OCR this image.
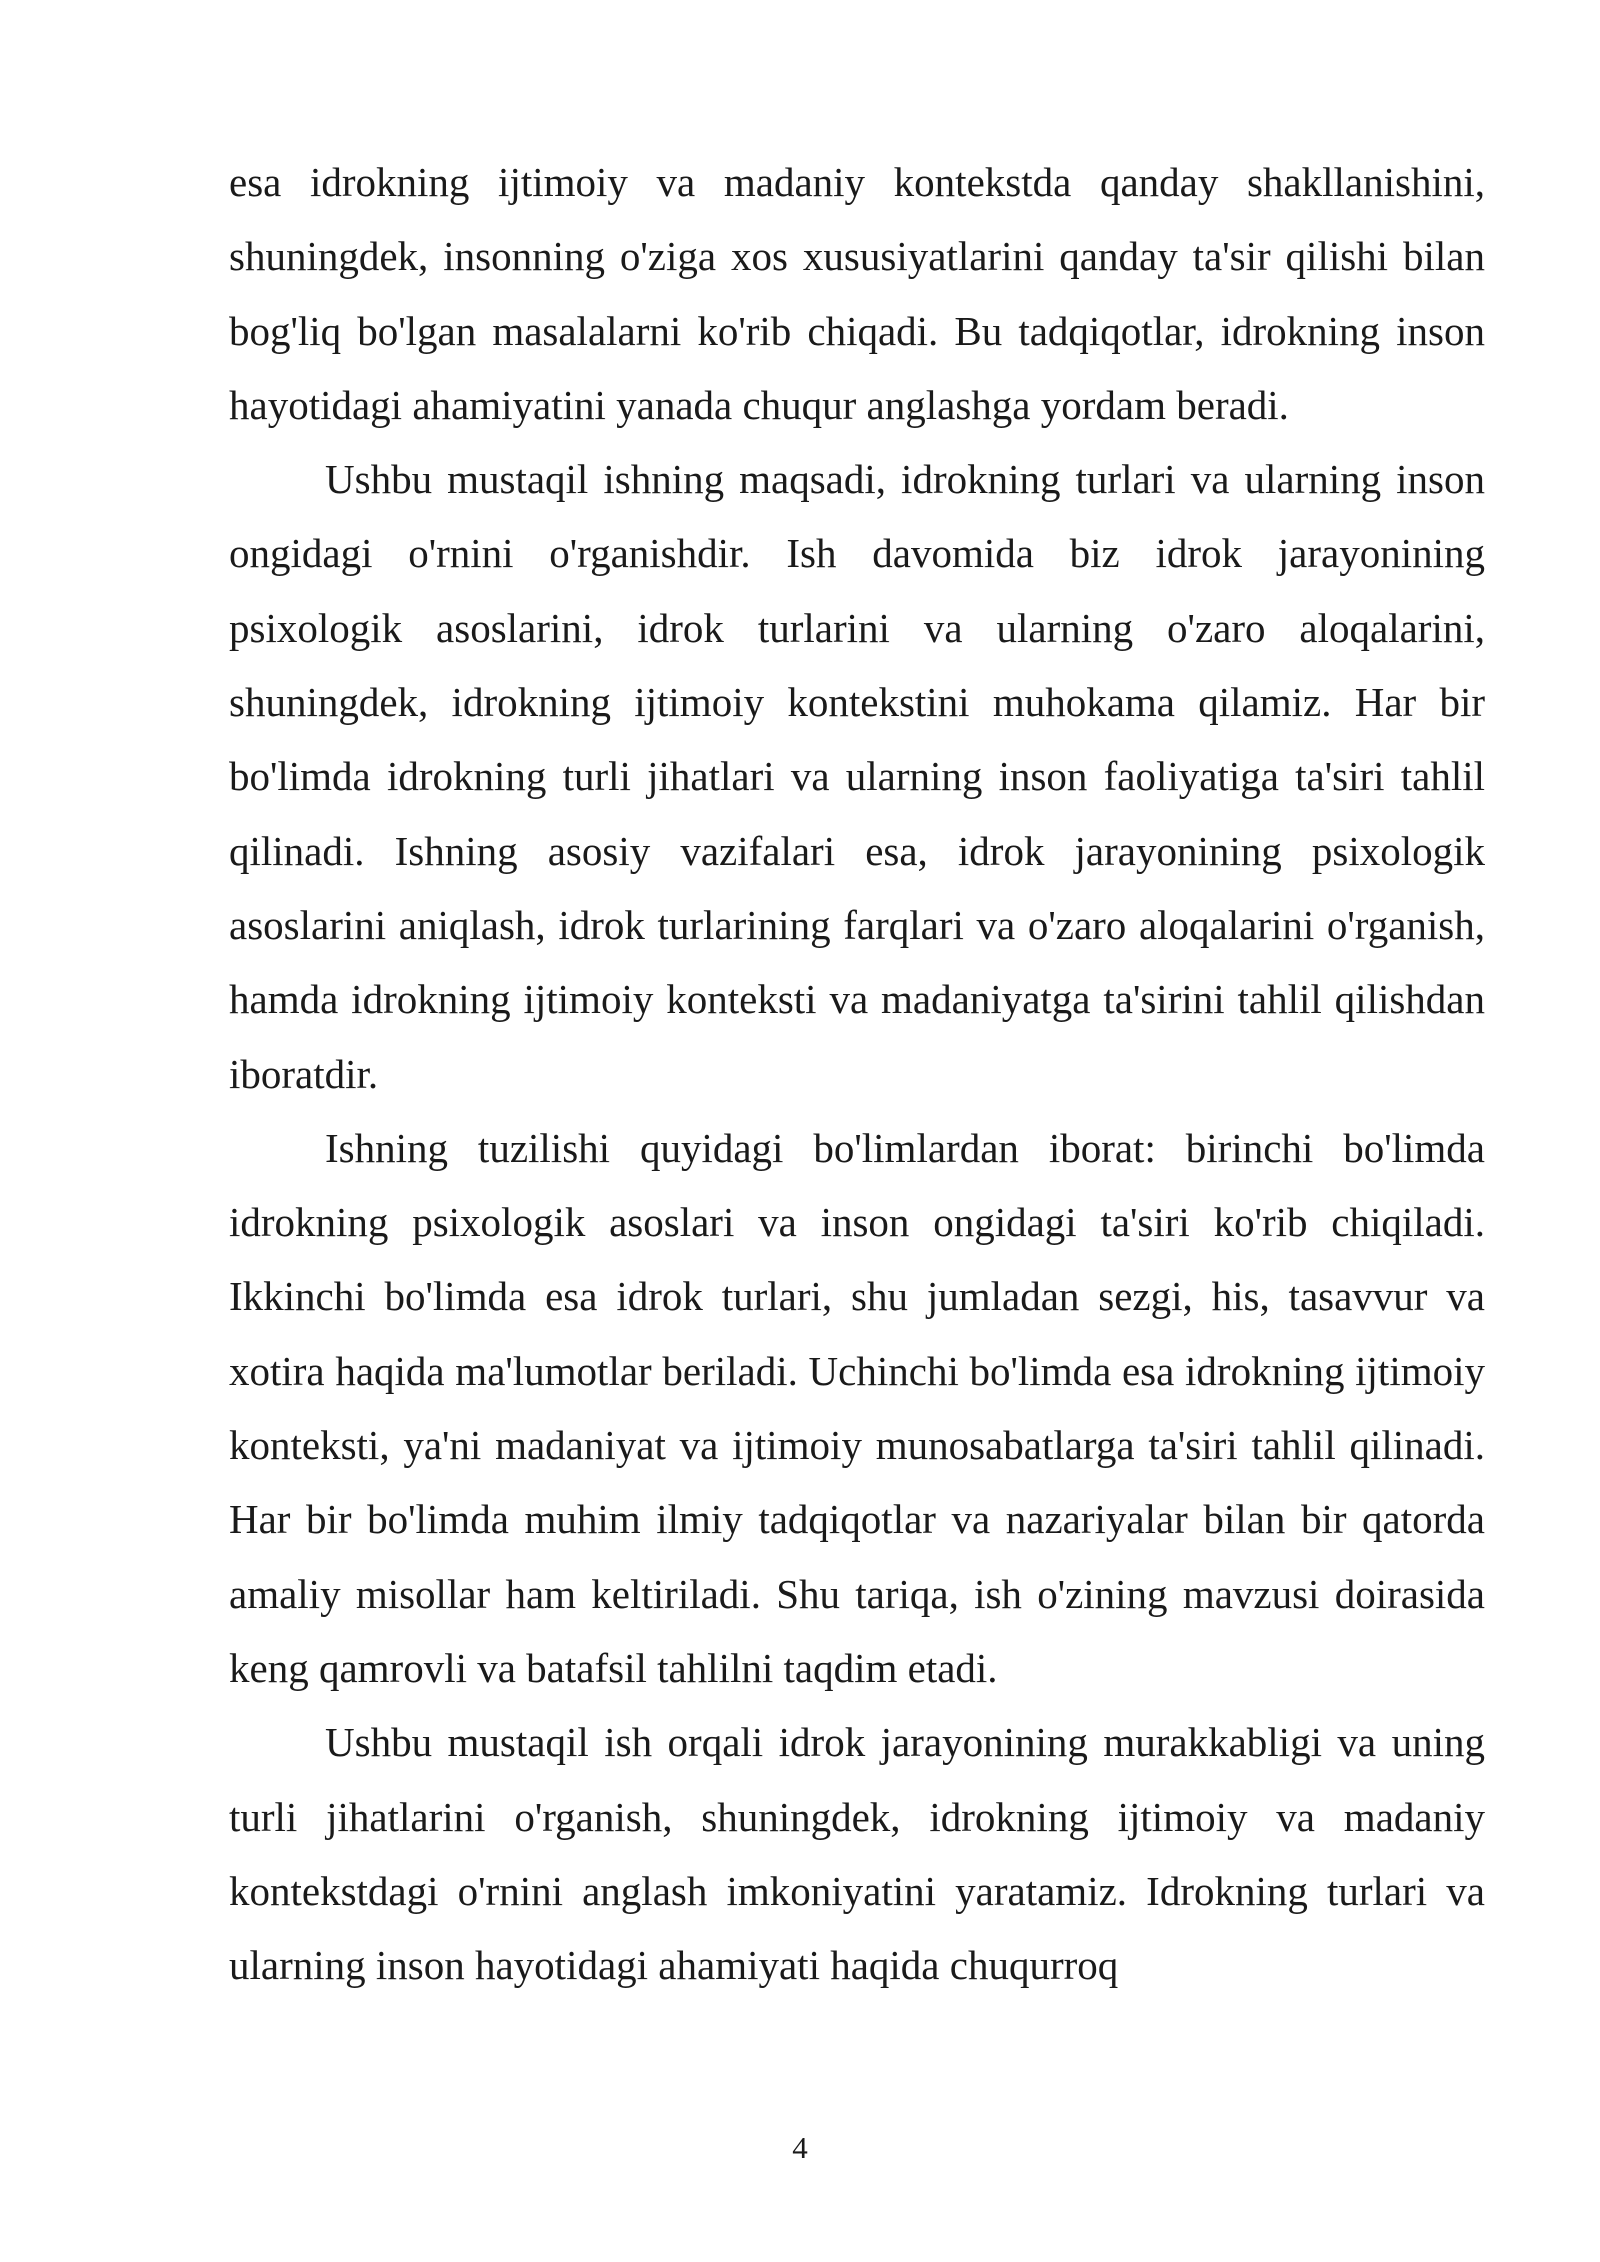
esa idrokning ijtimoiy va madaniy kontekstda qanday shakllanishini, shuningdek, insonning o'ziga xos xususiyatlarini qanday ta'sir qilishi bilan bog'liq bo'lgan masalalarni ko'rib chiqadi. Bu tadqiqotlar, idrokning inson hayotidagi ahamiyatini yanada chuqur anglashga yordam beradi.

Ushbu mustaqil ishning maqsadi, idrokning turlari va ularning inson ongidagi o'rnini o'rganishdir. Ish davomida biz idrok jarayonining psixologik asoslarini, idrok turlarini va ularning o'zaro aloqalarini, shuningdek, idrokning ijtimoiy kontekstini muhokama qilamiz. Har bir bo'limda idrokning turli jihatlari va ularning inson faoliyatiga ta'siri tahlil qilinadi. Ishning asosiy vazifalari esa, idrok jarayonining psixologik asoslarini aniqlash, idrok turlarining farqlari va o'zaro aloqalarini o'rganish, hamda idrokning ijtimoiy konteksti va madaniyatga ta'sirini tahlil qilishdan iboratdir.

Ishning tuzilishi quyidagi bo'limlardan iborat: birinchi bo'limda idrokning psixologik asoslari va inson ongidagi ta'siri ko'rib chiqiladi. Ikkinchi bo'limda esa idrok turlari, shu jumladan sezgi, his, tasavvur va xotira haqida ma'lumotlar beriladi. Uchinchi bo'limda esa idrokning ijtimoiy konteksti, ya'ni madaniyat va ijtimoiy munosabatlarga ta'siri tahlil qilinadi. Har bir bo'limda muhim ilmiy tadqiqotlar va nazariyalar bilan bir qatorda amaliy misollar ham keltiriladi. Shu tariqa, ish o'zining mavzusi doirasida keng qamrovli va batafsil tahlilni taqdim etadi.

Ushbu mustaqil ish orqali idrok jarayonining murakkabligi va uning turli jihatlarini o'rganish, shuningdek, idrokning ijtimoiy va madaniy kontekstdagi o'rnini anglash imkoniyatini yaratamiz. Idrokning turlari va ularning inson hayotidagi ahamiyati haqida chuqurroq

4
